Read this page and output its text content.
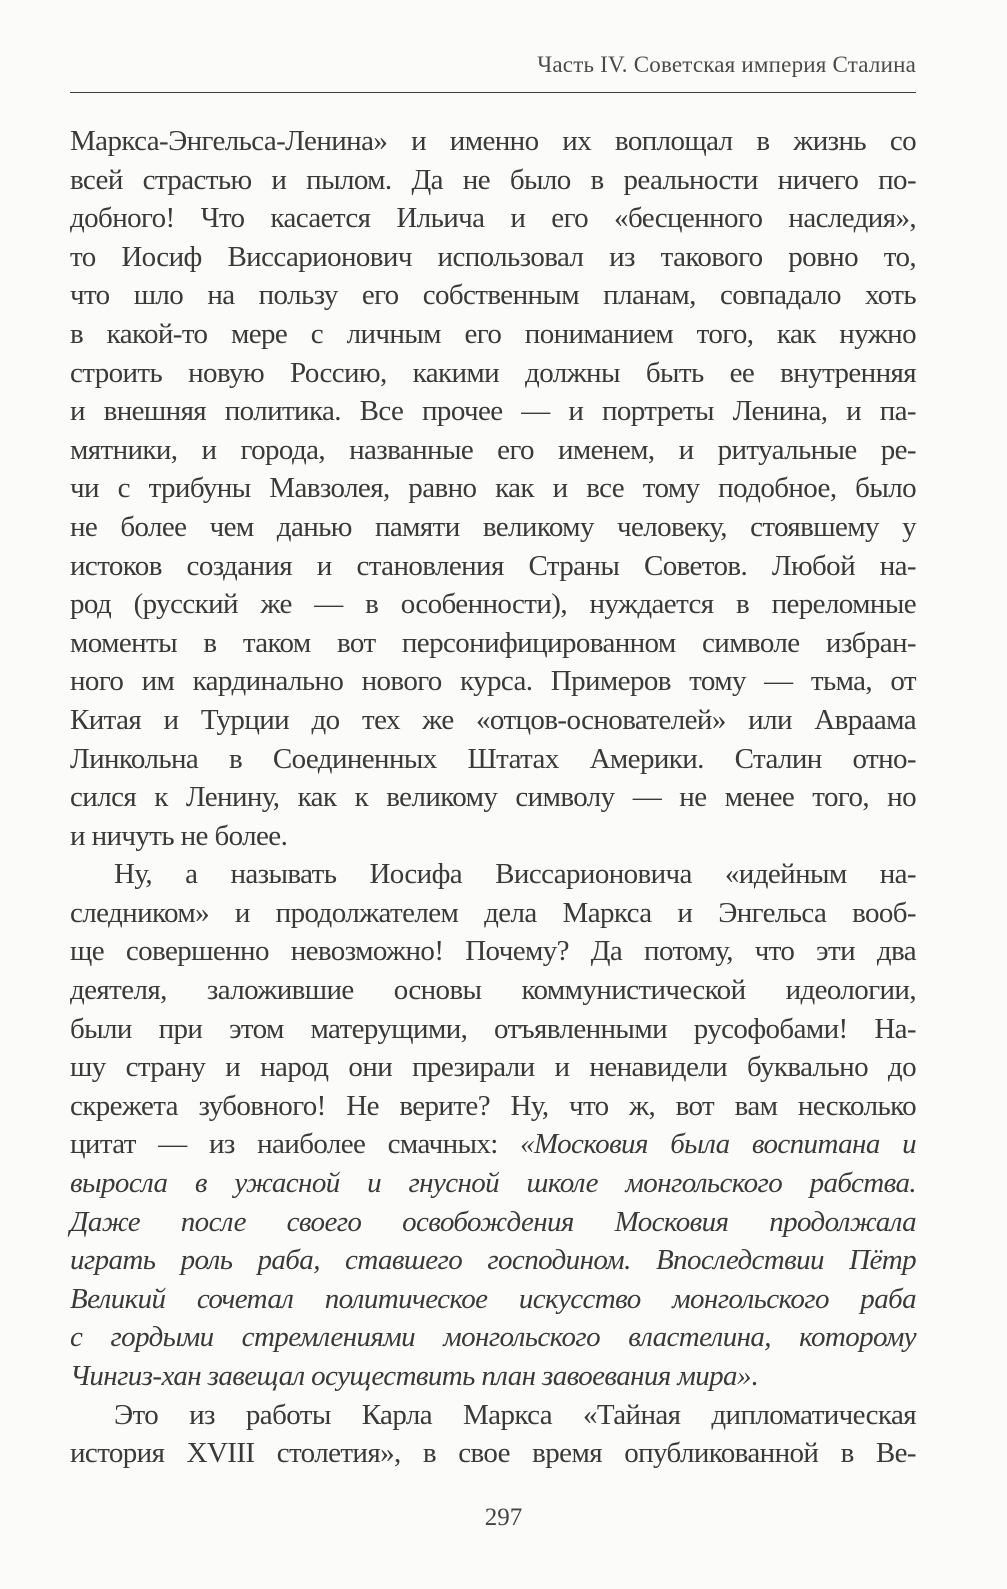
Часть IV. Советская империя Сталина
Маркса-Энгельса-Ленина» и именно их воплощал в жизнь со
всей страстью и пылом. Да не было в реальности ничего по-
добного! Что касается Ильича и его «бесценного наследия»,
то Иосиф Виссарионович использовал из такового ровно то,
что шло на пользу его собственным планам, совпадало хоть
в какой-то мере с личным его пониманием того, как нужно
строить новую Россию, какими должны быть ее внутренняя
и внешняя политика. Все прочее — и портреты Ленина, и па-
мятники, и города, названные его именем, и ритуальные ре-
чи с трибуны Мавзолея, равно как и все тому подобное, было
не более чем данью памяти великому человеку, стоявшему у
истоков создания и становления Страны Советов. Любой на-
род (русский же — в особенности), нуждается в переломные
моменты в таком вот персонифицированном символе избран-
ного им кардинально нового курса. Примеров тому — тьма, от
Китая и Турции до тех же «отцов-основателей» или Авраама
Линкольна в Соединенных Штатах Америки. Сталин отно-
сился к Ленину, как к великому символу — не менее того, но
и ничуть не более.
Ну, а называть Иосифа Виссарионовича «идейным на-
следником» и продолжателем дела Маркса и Энгельса вооб-
ще совершенно невозможно! Почему? Да потому, что эти два
деятеля, заложившие основы коммунистической идеологии,
были при этом матерущими, отъявленными русофобами! На-
шу страну и народ они презирали и ненавидели буквально до
скрежета зубовного! Не верите? Ну, что ж, вот вам несколько
цитат — из наиболее смачных: «Московия была воспитана и
выросла в ужасной и гнусной школе монгольского рабства.
Даже после своего освобождения Московия продолжала
играть роль раба, ставшего господином. Впоследствии Пётр
Великий сочетал политическое искусство монгольского раба
с гордыми стремлениями монгольского властелина, которому
Чингиз-хан завещал осуществить план завоевания мира».
Это из работы Карла Маркса «Тайная дипломатическая
история XVIII столетия», в свое время опубликованной в Ве-
297
